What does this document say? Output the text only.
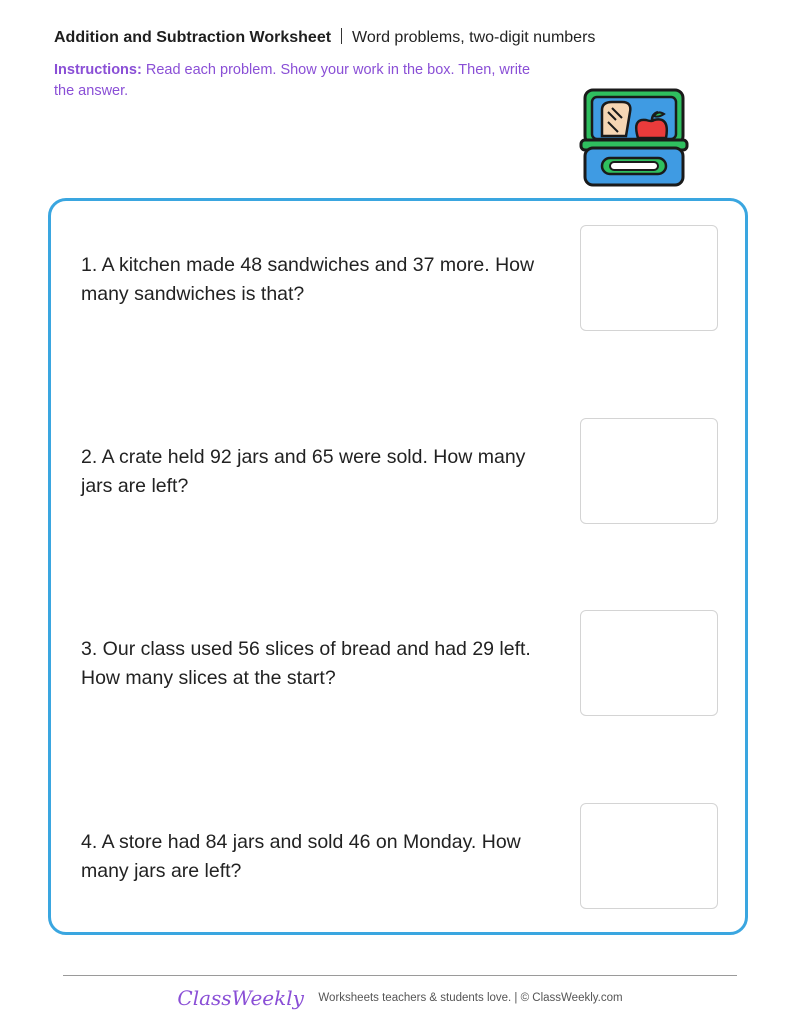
Addition and Subtraction Worksheet Word problems, two-digit numbers
Instructions: Read each problem. Show your work in the box. Then, write the answer.
1. A kitchen made 48 sandwiches and 37 more. How many sandwiches is that?
2. A crate held 92 jars and 65 were sold. How many jars are left?
3. Our class used 56 slices of bread and had 29 left. How many slices at the start?
4. A store had 84 jars and sold 46 on Monday. How many jars are left?
ClassWeekly Worksheets teachers & students love. | © ClassWeekly.com
